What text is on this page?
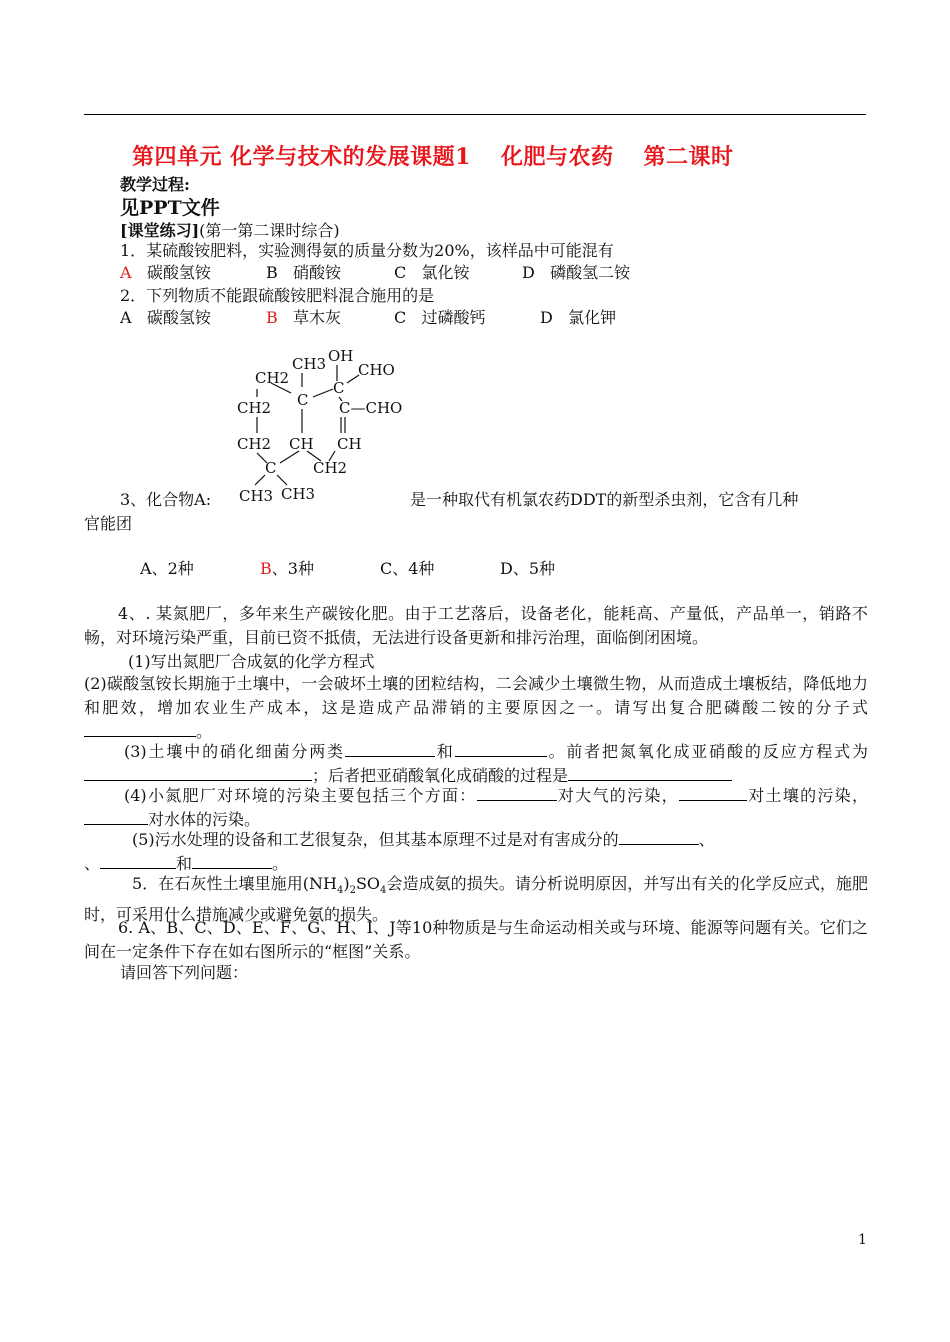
第四单元 化学与技术的发展课题1 化肥与农药 第二课时
教学过程:
见PPT文件
[课堂练习](第一第二课时综合)
1．某硫酸铵肥料，实验测得氨的质量分数为20%，该样品中可能混有
A 碳酸氢铵	B 硝酸铵	C 氯化铵	D 磷酸氢二铵
2．下列物质不能跟硫酸铵肥料混合施用的是
A 碳酸氢铵	B 草木灰	C 过磷酸钙	D 氯化钾
CH2
CH3 OH
CHO
C
C
CH2	C—CHO
CH2 CH CH
C CH2
CH3 CH3
3、化合物A:	是一种取代有机氯农药DDT的新型杀虫剂，它含有几种
官能团
A、2种	B、3种	C、4种	D、5种
4、. 某氮肥厂，多年来生产碳铵化肥。由于工艺落后，设备老化，能耗高、产量低，产品单一，销路不畅，对环境污染严重，目前已资不抵债，无法进行设备更新和排污治理，面临倒闭困境。
(1)写出氮肥厂合成氨的化学方程式
(2)碳酸氢铵长期施于土壤中，一会破坏土壤的团粒结构，二会减少土壤微生物，从而造成土壤板结，降低地力和肥效，增加农业生产成本，这是造成产品滞销的主要原因之一。请写出复合肥磷酸二铵的分子式。
(3)土壤中的硝化细菌分两类	和	。前者把氮氧化成亚硝酸的反应方程式为；后者把亚硝酸氧化成硝酸的过程是
(4)小氮肥厂对环境的污染主要包括三个方面：	对大气的污染，	对土壤的污染，对水体的污染。
(5)污水处理的设备和工艺很复杂，但其基本原理不过是对有害成分的	、
、	和	。
5．在石灰性土壤里施用$(NH_4)_2SO_4$会造成氨的损失。请分析说明原因，并写出有关的化学反应式，施肥时，可采用什么措施减少或避免氨的损失。
6. A、B、C、D、E、F、G、H、I、J等10种物质是与生命运动相关或与环境、能源等问题有关。它们之间在一定条件下存在如右图所示的“框图”关系。
请回答下列问题：
1
